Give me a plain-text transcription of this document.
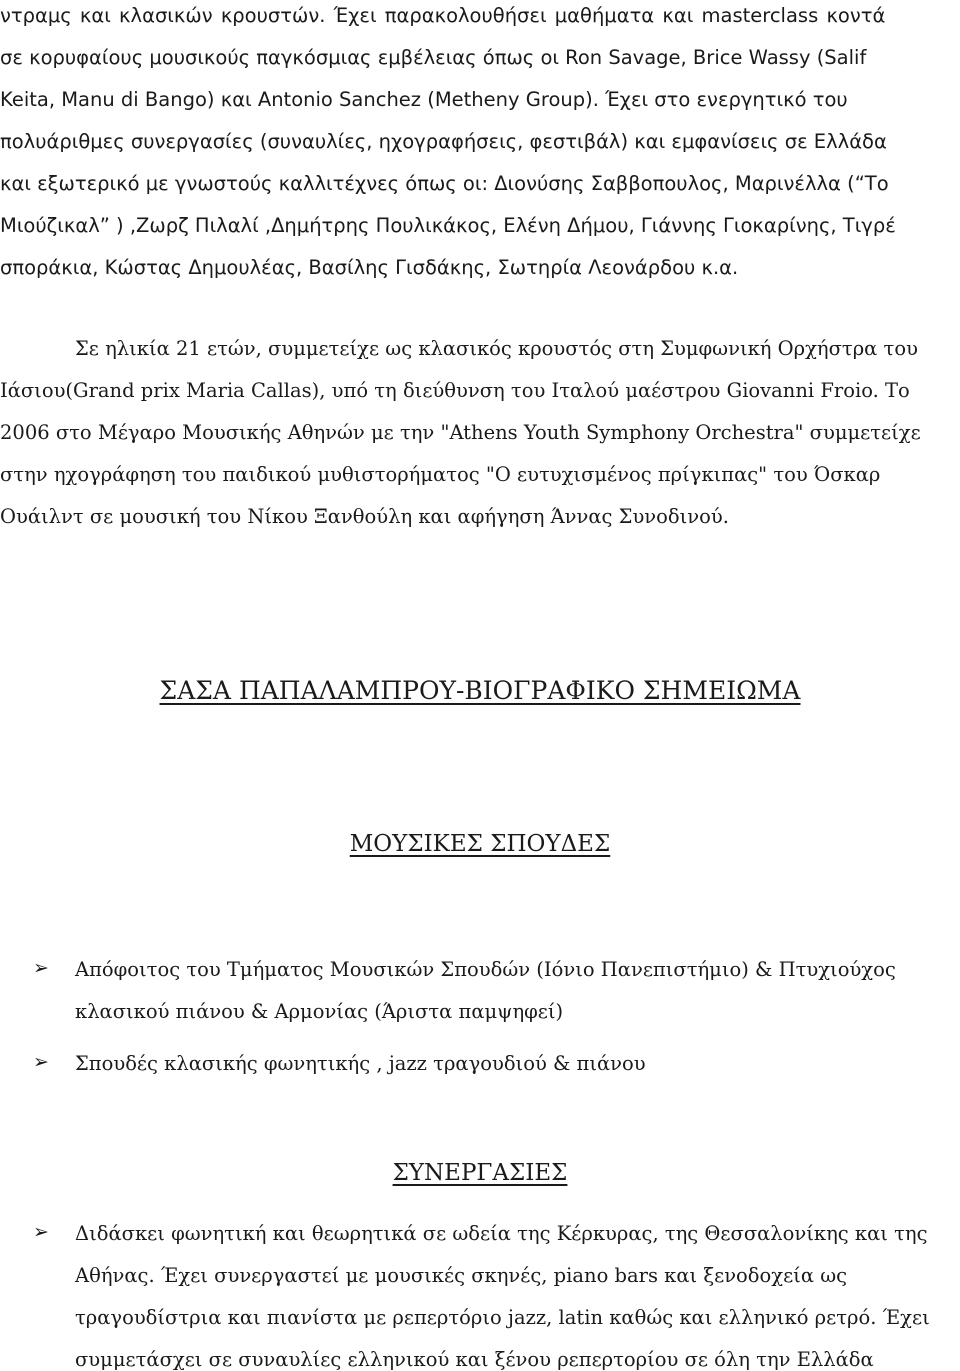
ντραμς και κλασικών κρουστών. Έχει παρακολουθήσει μαθήματα και masterclass κοντά
σε κορυφαίους μουσικούς παγκόσμιας εμβέλειας όπως οι Ron Savage, Brice Wassy (Salif
Keita, Manu di Bango) και Antonio Sanchez (Metheny Group). Έχει στο ενεργητικό του
πολυάριθμες συνεργασίες (συναυλίες, ηχογραφήσεις, φεστιβάλ) και εμφανίσεις σε Ελλάδα
και εξωτερικό με γνωστούς καλλιτέχνες όπως οι: Διονύσης Σαββοπουλος, Μαρινέλλα (“Το
Μιούζικαλ” ) ,Ζωρζ Πιλαλί ,Δημήτρης Πουλικάκος, Ελένη Δήμου, Γιάννης Γιοκαρίνης, Τιγρέ
σποράκια, Κώστας Δημουλέας, Βασίλης Γισδάκης, Σωτηρία Λεονάρδου κ.α.
Σε ηλικία 21 ετών, συμμετείχε ως κλασικός κρουστός στη Συμφωνική Ορχήστρα του
Ιάσιου(Grand prix Maria Callas), υπό τη διεύθυνση του Ιταλού μαέστρου Giovanni Froio. Το
2006 στο Μέγαρο Μουσικής Αθηνών με την "Athens Youth Symphony Orchestra" συμμετείχε
στην ηχογράφηση του παιδικού μυθιστορήματος "Ο ευτυχισμένος πρίγκιπας" του Όσκαρ
Ουάιλντ σε μουσική του Νίκου Ξανθούλη και αφήγηση Άννας Συνοδινού.
ΣΑΣΑ ΠΑΠΑΛΑΜΠΡΟΥ-ΒΙΟΓΡΑΦΙΚΟ ΣΗΜΕΙΩΜΑ
ΜΟΥΣΙΚΕΣ ΣΠΟΥΔΕΣ
➢ Απόφοιτος του Τμήματος Μουσικών Σπουδών (Ιόνιο Πανεπιστήμιο) & Πτυχιούχος
κλασικού πιάνου & Αρμονίας (Άριστα παμψηφεί)
➢ Σπουδές κλασικής φωνητικής , jazz τραγουδιού & πιάνου
ΣΥΝΕΡΓΑΣΙΕΣ
➢ Διδάσκει φωνητική και θεωρητικά σε ωδεία της Κέρκυρας, της Θεσσαλονίκης και της
Αθήνας. Έχει συνεργαστεί με μουσικές σκηνές, piano bars και ξενοδοχεία ως
τραγουδίστρια και πιανίστα με ρεπερτόριο jazz, latin καθώς και ελληνικό ρετρό. Έχει
συμμετάσχει σε συναυλίες ελληνικού και ξένου ρεπερτορίου σε όλη την Ελλάδα
